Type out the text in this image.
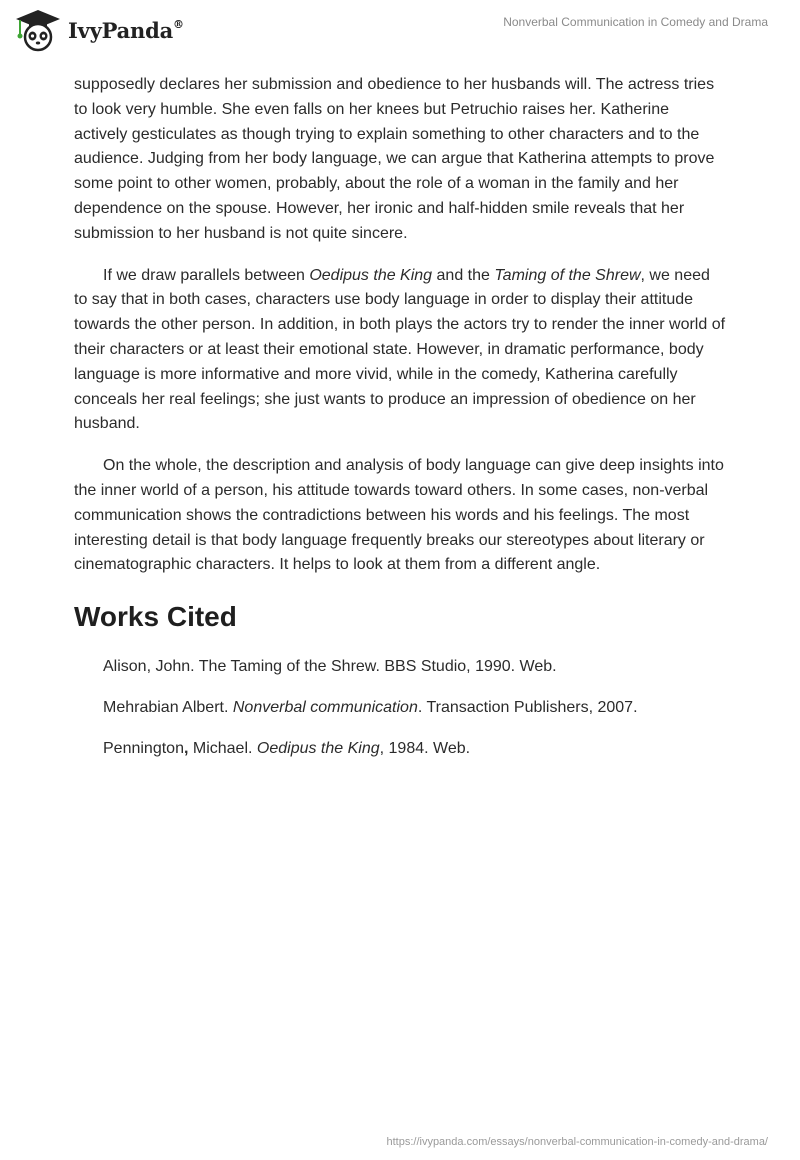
IvyPanda®	Nonverbal Communication in Comedy and Drama

supposedly declares her submission and obedience to her husbands will. The actress tries to look very humble. She even falls on her knees but Petruchio raises her. Katherine actively gesticulates as though trying to explain something to other characters and to the audience. Judging from her body language, we can argue that Katherina attempts to prove some point to other women, probably, about the role of a woman in the family and her dependence on the spouse. However, her ironic and half-hidden smile reveals that her submission to her husband is not quite sincere.

If we draw parallels between Oedipus the King and the Taming of the Shrew, we need to say that in both cases, characters use body language in order to display their attitude towards the other person. In addition, in both plays the actors try to render the inner world of their characters or at least their emotional state. However, in dramatic performance, body language is more informative and more vivid, while in the comedy, Katherina carefully conceals her real feelings; she just wants to produce an impression of obedience on her husband.

On the whole, the description and analysis of body language can give deep insights into the inner world of a person, his attitude towards toward others. In some cases, non-verbal communication shows the contradictions between his words and his feelings. The most interesting detail is that body language frequently breaks our stereotypes about literary or cinematographic characters. It helps to look at them from a different angle.

Works Cited

Alison, John. The Taming of the Shrew. BBS Studio, 1990. Web.

Mehrabian Albert. Nonverbal communication. Transaction Publishers, 2007.

Pennington, Michael. Oedipus the King, 1984. Web.

https://ivypanda.com/essays/nonverbal-communication-in-comedy-and-drama/
